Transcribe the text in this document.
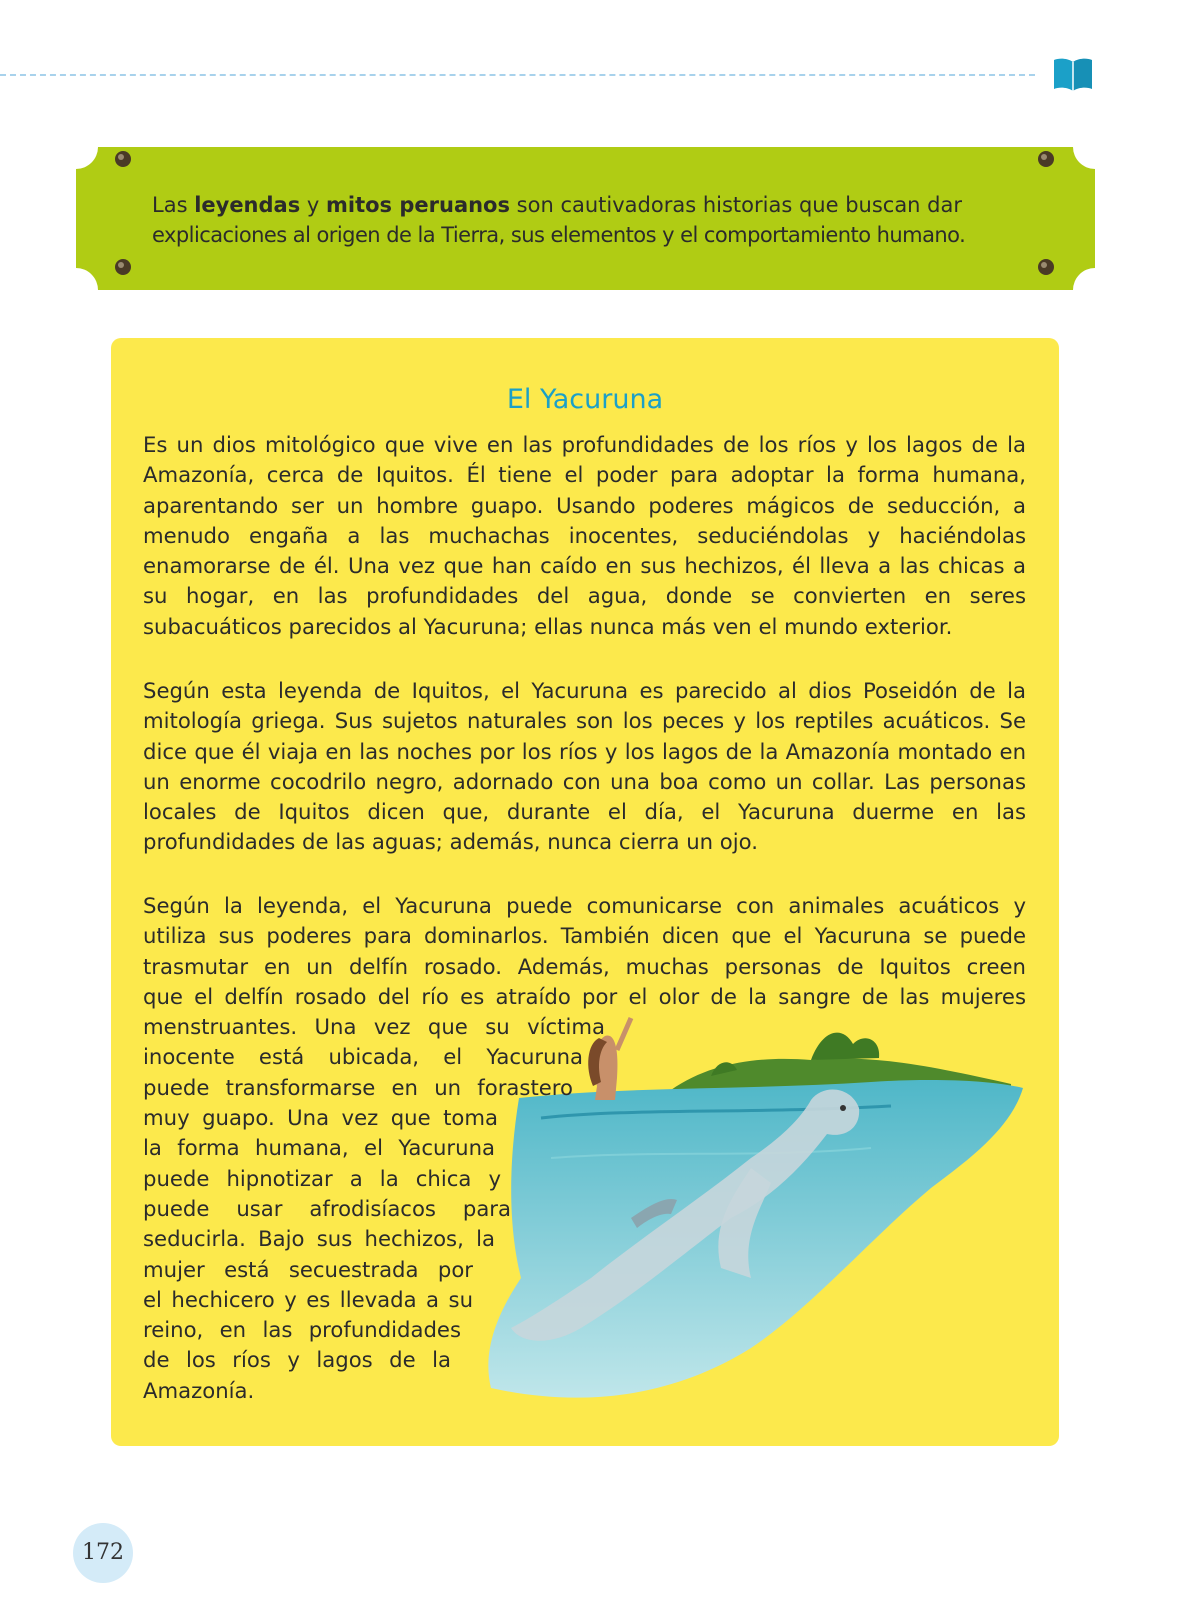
Las leyendas y mitos peruanos son cautivadoras historias que buscan dar
explicaciones al origen de la Tierra, sus elementos y el comportamiento humano.
El Yacuruna

Es un dios mitológico que vive en las profundidades de los ríos y los lagos de la Amazonía, cerca de Iquitos. Él tiene el poder para adoptar la forma humana, aparentando ser un hombre guapo. Usando poderes mágicos de seducción, a menudo engaña a las muchachas inocentes, seduciéndolas y haciéndolas enamorarse de él. Una vez que han caído en sus hechizos, él lleva a las chicas a su hogar, en las profundidades del agua, donde se convierten en seres subacuáticos parecidos al Yacuruna; ellas nunca más ven el mundo exterior.

Según esta leyenda de Iquitos, el Yacuruna es parecido al dios Poseidón de la mitología griega. Sus sujetos naturales son los peces y los reptiles acuáticos. Se dice que él viaja en las noches por los ríos y los lagos de la Amazonía montado en un enorme cocodrilo negro, adornado con una boa como un collar. Las personas locales de Iquitos dicen que, durante el día, el Yacuruna duerme en las profundidades de las aguas; además, nunca cierra un ojo.

Según la leyenda, el Yacuruna puede comunicarse con animales acuáticos y
utiliza sus poderes para dominarlos. También dicen que el Yacuruna se puede
trasmutar en un delfín rosado. Además, muchas personas de Iquitos creen
que el delfín rosado del río es atraído por el olor de la sangre de las mujeres
menstruantes. Una vez que su víctima
inocente está ubicada, el Yacuruna
puede transformarse en un forastero
muy guapo. Una vez que toma
la forma humana, el Yacuruna
puede hipnotizar a la chica y
puede usar afrodisíacos para
seducirla. Bajo sus hechizos, la
mujer está secuestrada por
el hechicero y es llevada a su
reino, en las profundidades
de los ríos y lagos de la
Amazonía.
172
